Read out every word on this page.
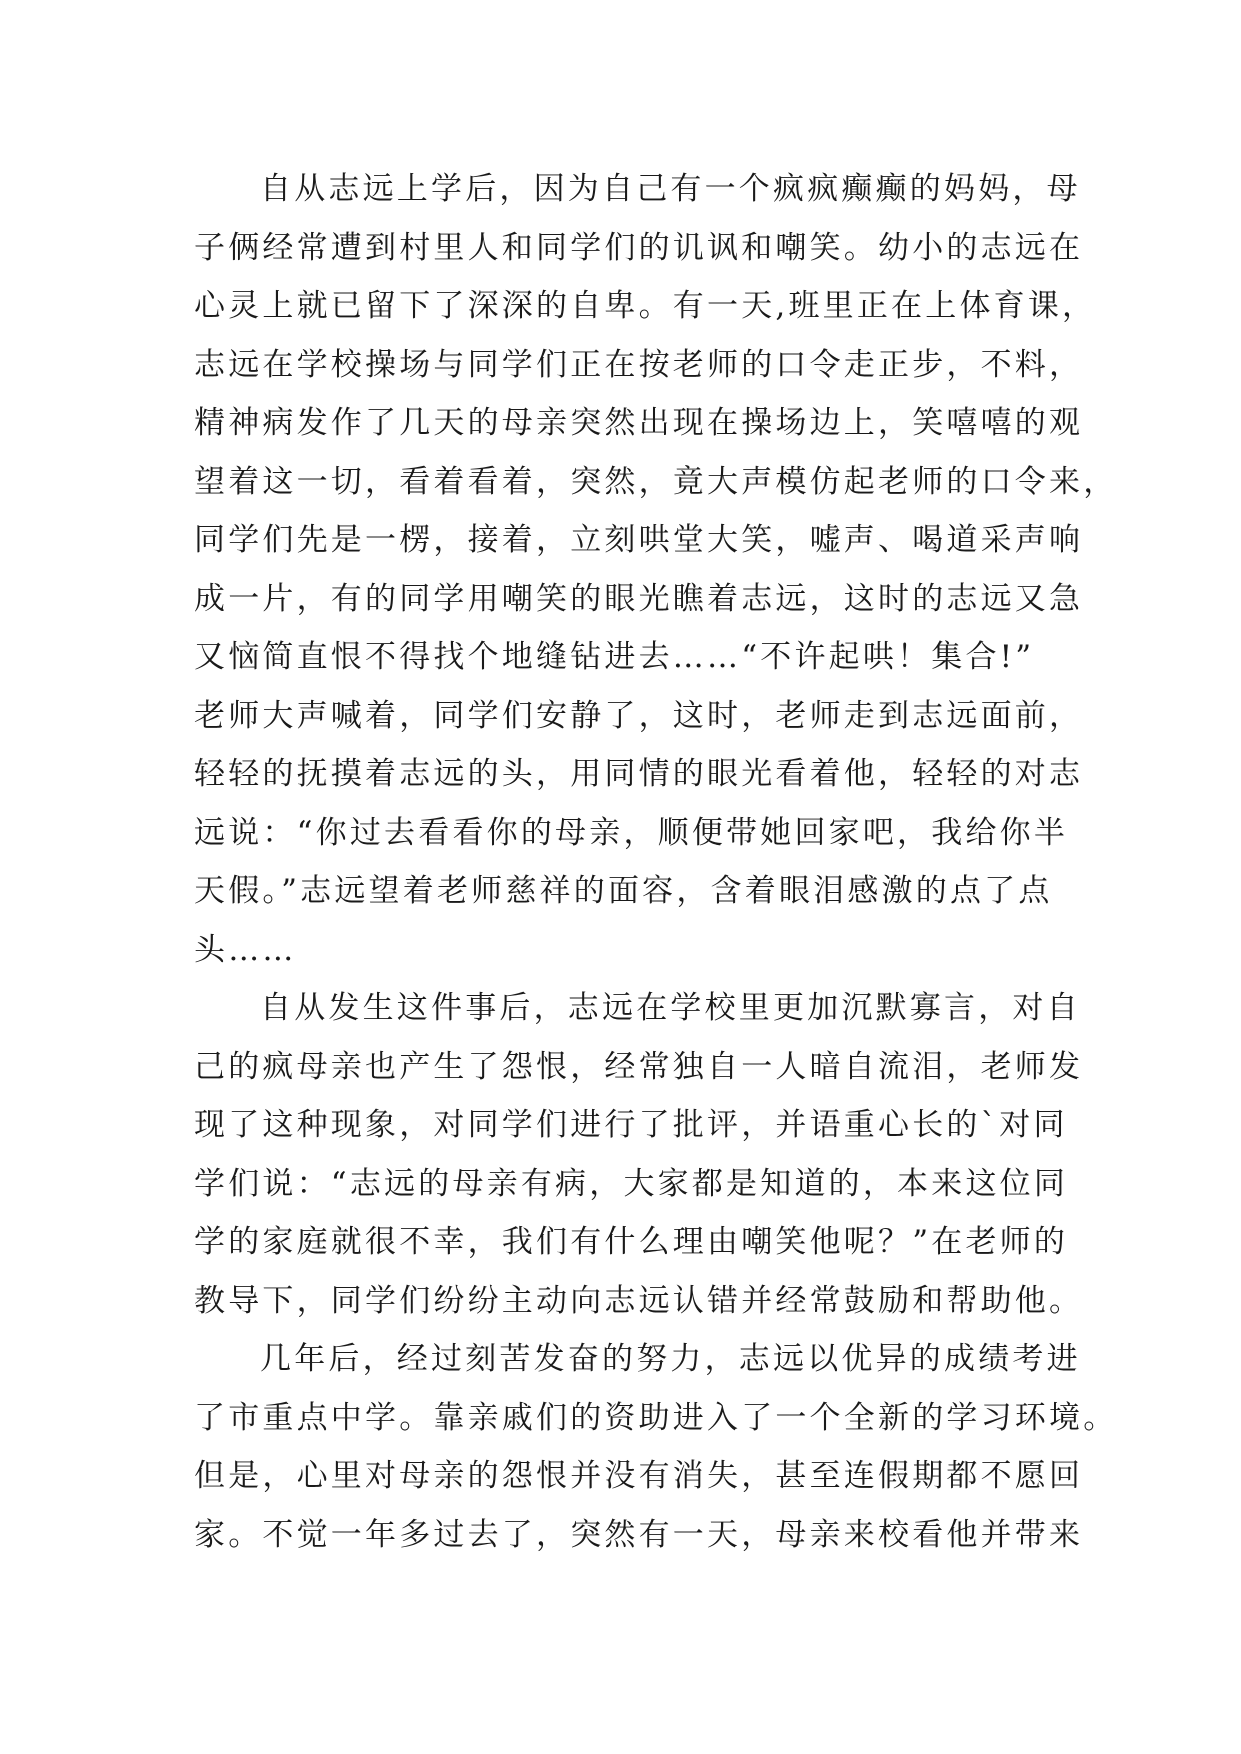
自从志远上学后，因为自己有一个疯疯癫癫的妈妈，母
子俩经常遭到村里人和同学们的讥讽和嘲笑。幼小的志远在
心灵上就已留下了深深的自卑。有一天,班里正在上体育课，
志远在学校操场与同学们正在按老师的口令走正步，不料，
精神病发作了几天的母亲突然出现在操场边上，笑嘻嘻的观
望着这一切，看着看着，突然，竟大声模仿起老师的口令来，
同学们先是一楞，接着，立刻哄堂大笑，嘘声、喝道采声响
成一片，有的同学用嘲笑的眼光瞧着志远，这时的志远又急
又恼简直恨不得找个地缝钻进去……“不许起哄！集合!”
老师大声喊着，同学们安静了，这时，老师走到志远面前，
轻轻的抚摸着志远的头，用同情的眼光看着他，轻轻的对志
远说：“你过去看看你的母亲，顺便带她回家吧，我给你半
天假。”志远望着老师慈祥的面容，含着眼泪感激的点了点
头……
自从发生这件事后，志远在学校里更加沉默寡言，对自
己的疯母亲也产生了怨恨，经常独自一人暗自流泪，老师发
现了这种现象，对同学们进行了批评，并语重心长的`对同
学们说：“志远的母亲有病，大家都是知道的，本来这位同
学的家庭就很不幸，我们有什么理由嘲笑他呢？”在老师的
教导下，同学们纷纷主动向志远认错并经常鼓励和帮助他。
几年后，经过刻苦发奋的努力，志远以优异的成绩考进
了市重点中学。靠亲戚们的资助进入了一个全新的学习环境。
但是，心里对母亲的怨恨并没有消失，甚至连假期都不愿回
家。不觉一年多过去了，突然有一天，母亲来校看他并带来
